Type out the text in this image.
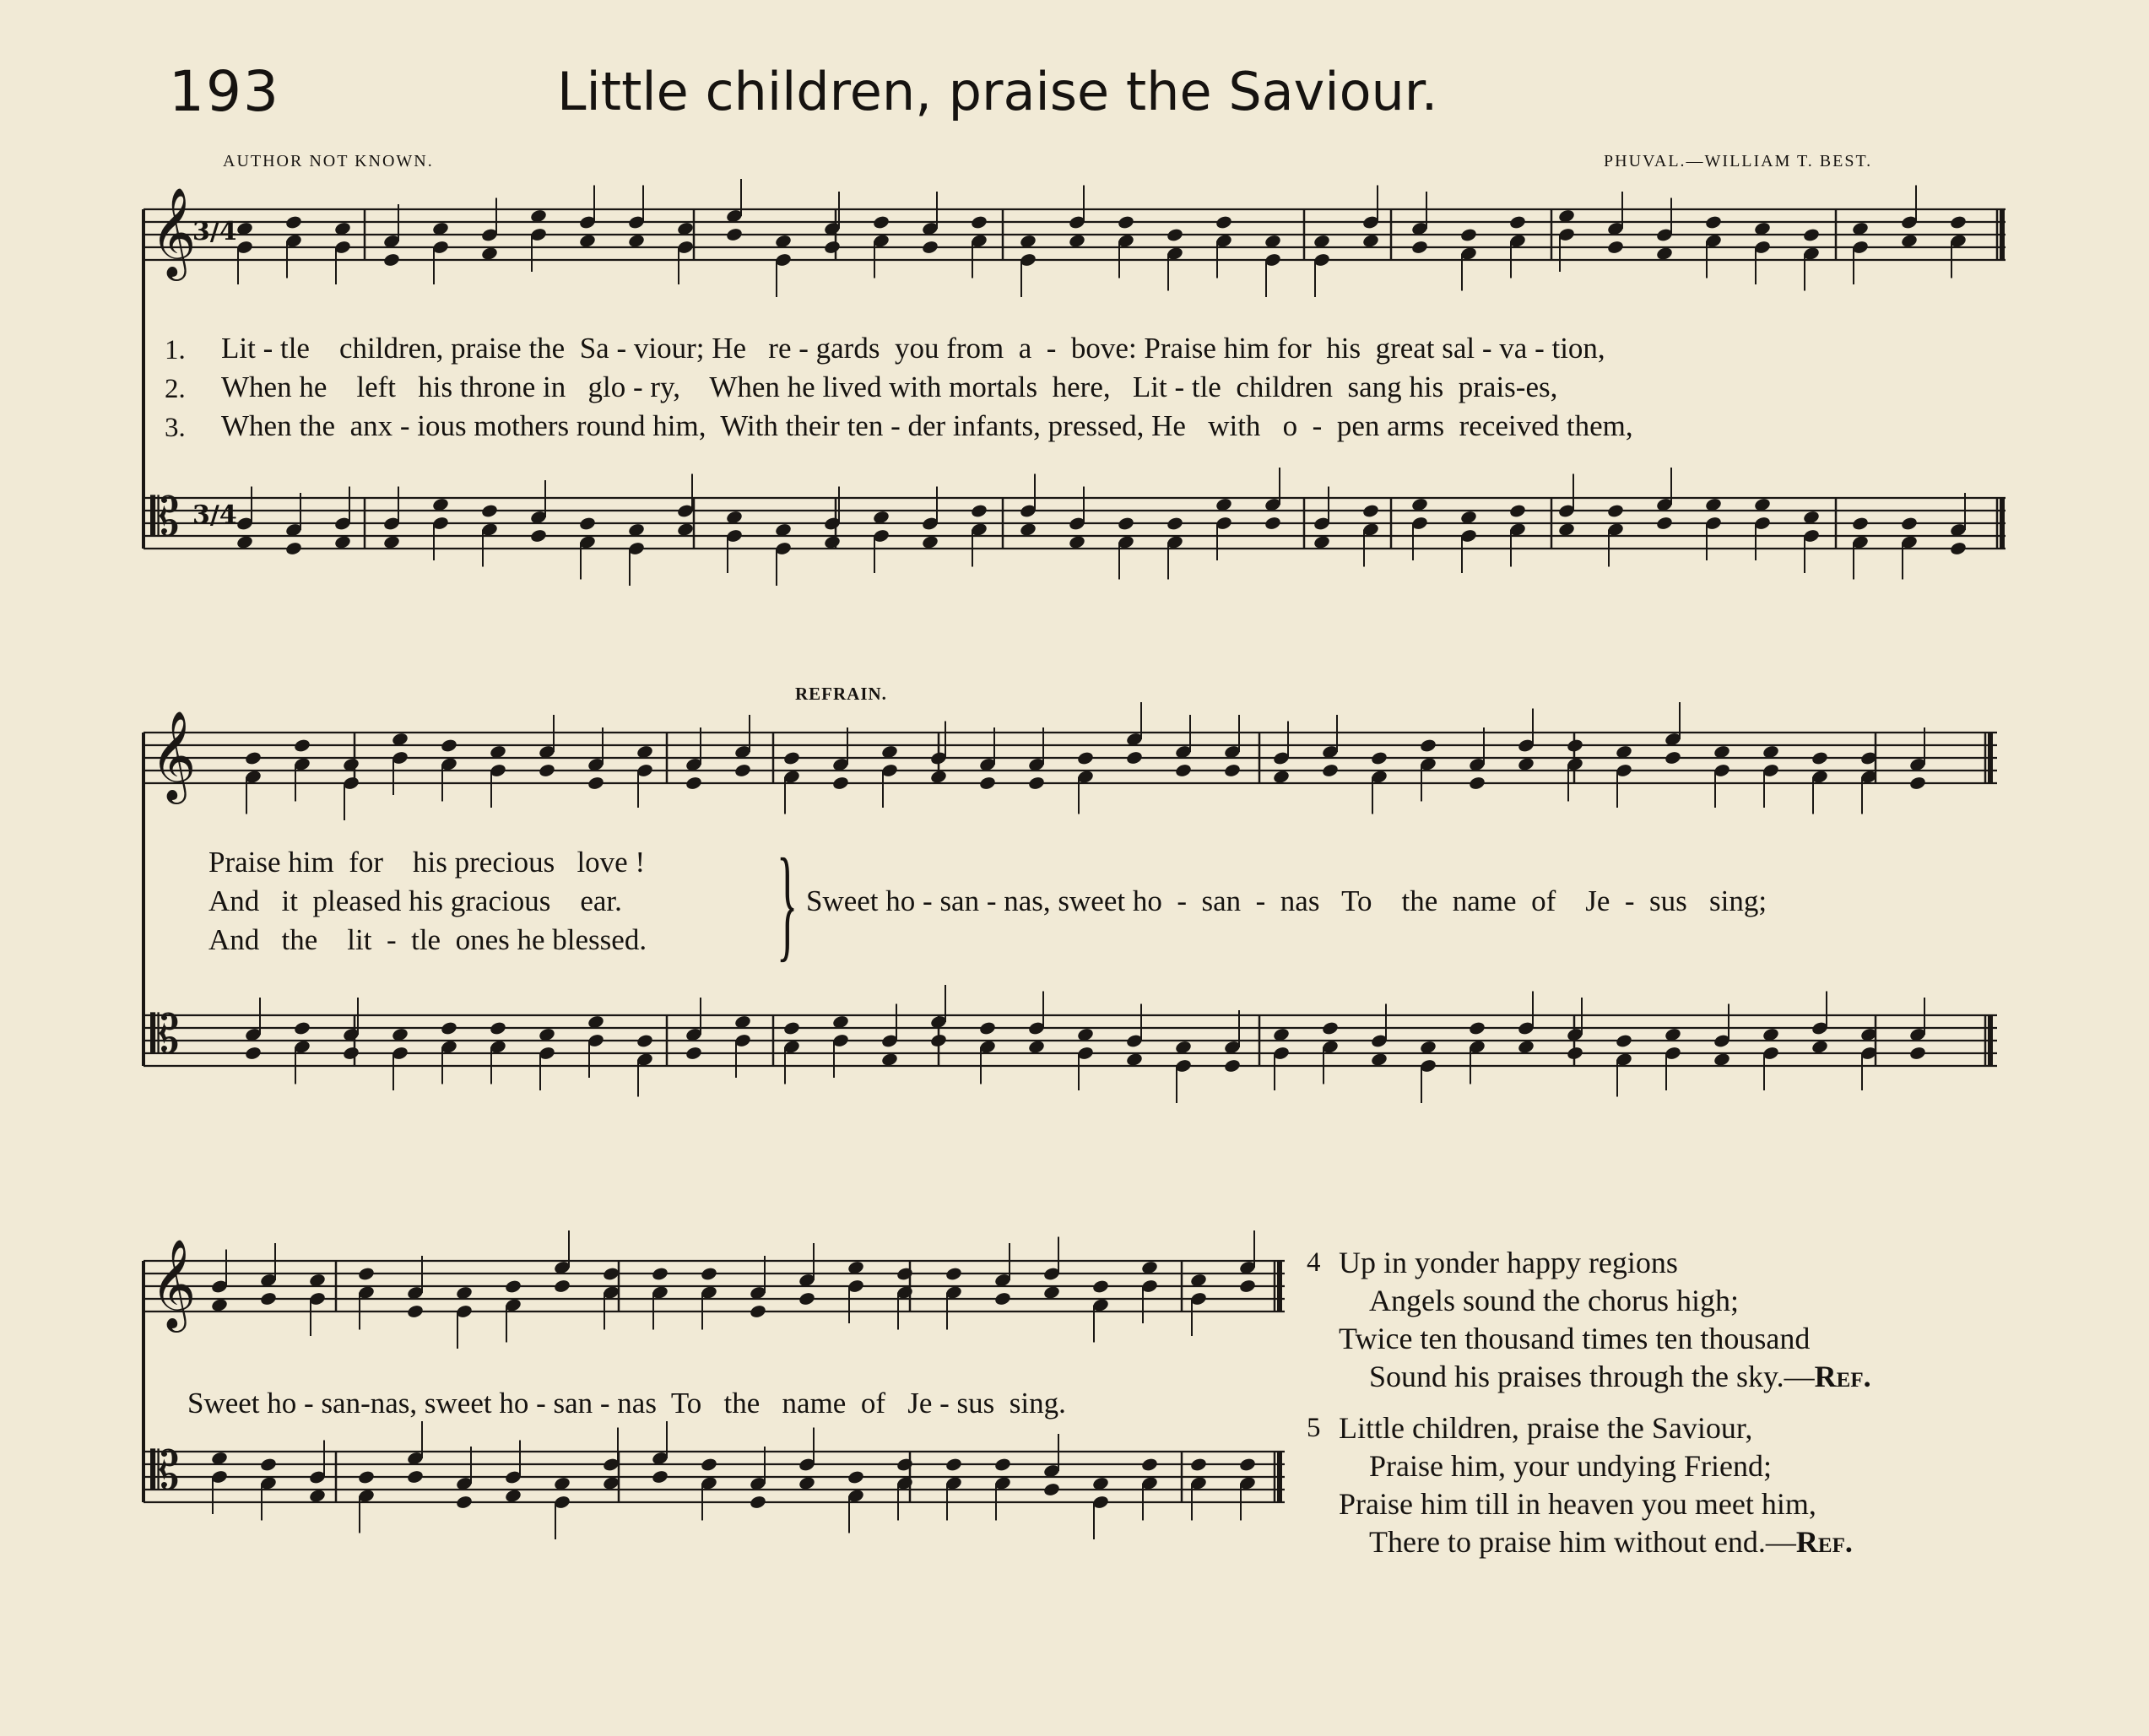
193	Little children, praise the Saviour.
AUTHOR NOT KNOWN.	PHUVAL.—WILLIAM T. BEST.
𝄞
𝄡
𝄞
𝄡
𝄞
𝄡
3/4
3/4
1.
2.
3.
Lit - tle    children, praise the  Sa - viour; He   re - gards  you from  a  -  bove: Praise him for  his  great sal - va - tion,
When he    left   his throne in   glo - ry,    When he lived with mortals  here,   Lit - tle  children  sang his  prais-es,
When the  anx - ious mothers round him,  With their ten - der infants, pressed, He   with   o  -  pen arms  received them,
REFRAIN.
Praise him  for    his precious   love !
And   it  pleased his gracious    ear.
And   the    lit  -  tle  ones he blessed. } Sweet ho - san - nas, sweet ho  -  san  -  nas   To    the  name  of    Je  -  sus   sing;
Sweet ho - san-nas, sweet ho - san - nas  To   the   name  of   Je - sus  sing.
4 Up in yonder happy regions
Angels sound the chorus high;
Twice ten thousand times ten thousand
Sound his praises through the sky.—Ref.
5 Little children, praise the Saviour,
Praise him, your undying Friend;
Praise him till in heaven you meet him,
There to praise him without end.—Ref.
